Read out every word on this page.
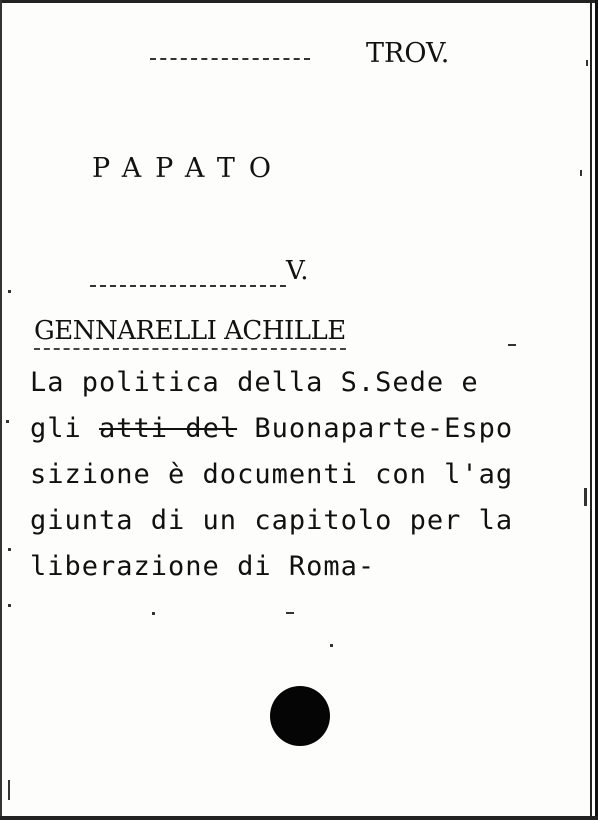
TROV.
PAPATO
V.
GENNARELLI ACHILLE
La politica della S.Sede e
gli atti del Buonaparte-Espo
sizione è documenti con l'ag
giunta di un capitolo per la
liberazione di Roma-
